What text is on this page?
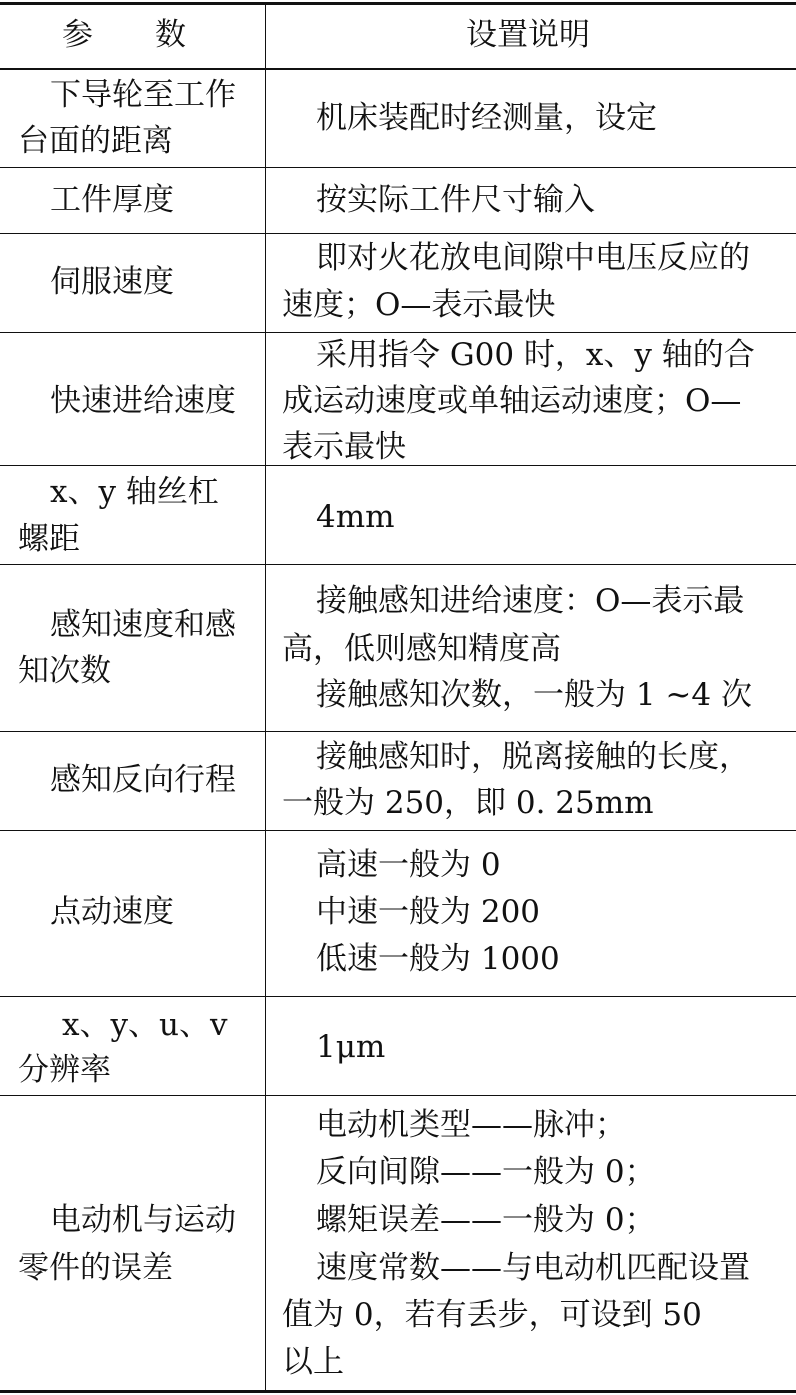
参　　数	设置说明
下导轮至工作
台面的距离
机床装配时经测量，设定
工件厚度	按实际工件尺寸输入
伺服速度
即对火花放电间隙中电压反应的
速度；O—表示最快
快速进给速度
采用指令 G00 时，x、y 轴的合
成运动速度或单轴运动速度；O—
表示最快
x、y 轴丝杠
螺距
4mm
感知速度和感
知次数
接触感知进给速度：O—表示最
高，低则感知精度高
接触感知次数，一般为 1 ~4 次
感知反向行程
接触感知时，脱离接触的长度，
一般为 250，即 0. 25mm
点动速度
高速一般为 0
中速一般为 200
低速一般为 1000
x、y、u、v
分辨率
1μm
电动机与运动
零件的误差
电动机类型——脉冲；
反向间隙——一般为 0；
螺矩误差——一般为 0；
速度常数——与电动机匹配设置
值为 0，若有丢步，可设到 50
以上
